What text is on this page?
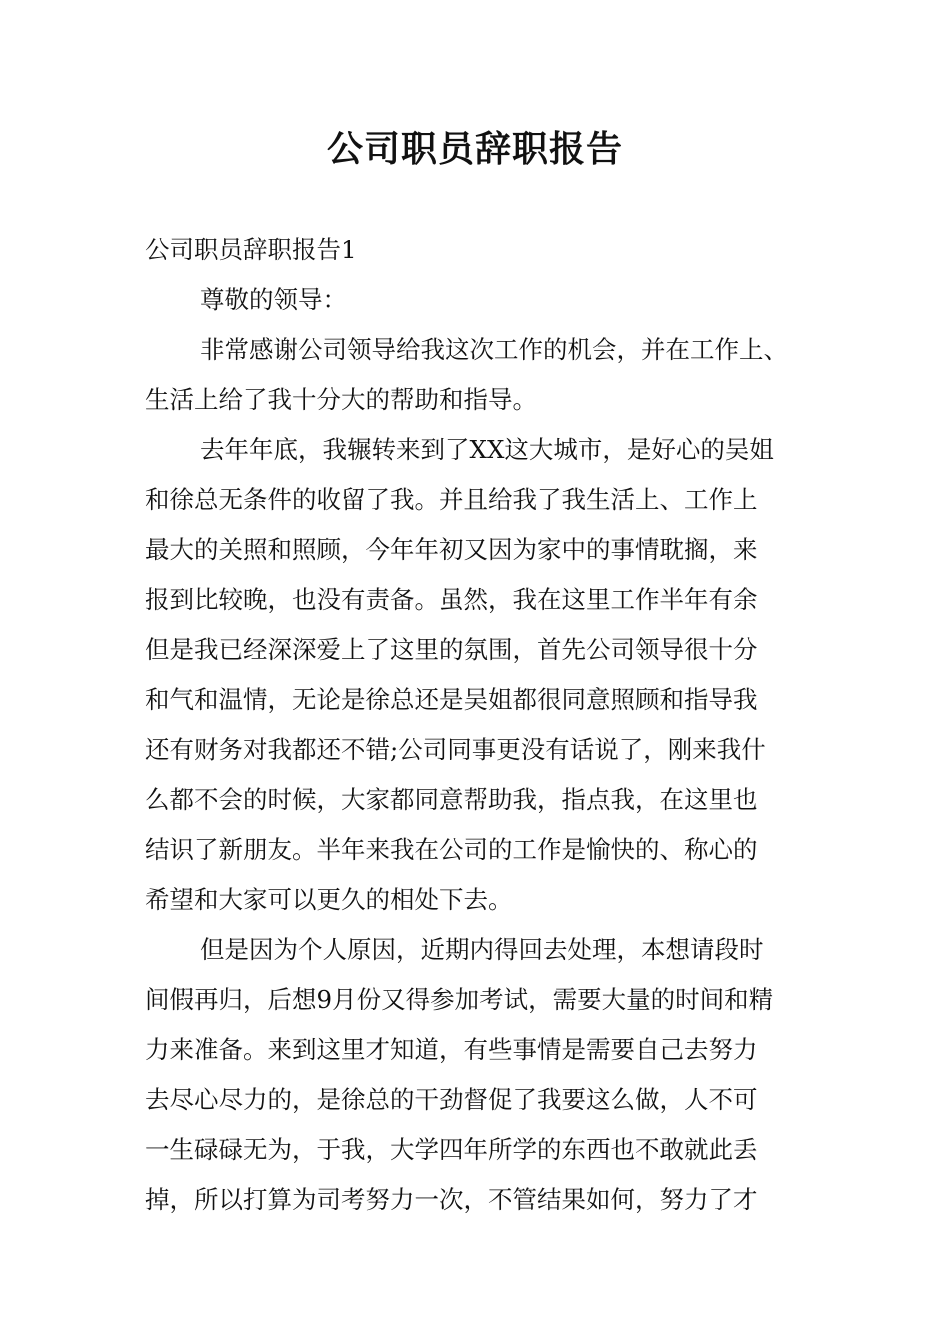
公司职员辞职报告

公司职员辞职报告1

尊敬的领导：

非常感谢公司领导给我这次工作的机会，并在工作上、

生活上给了我十分大的帮助和指导。

去年年底，我辗转来到了XX这大城市，是好心的吴姐

和徐总无条件的收留了我。并且给我了我生活上、工作上

最大的关照和照顾，今年年初又因为家中的事情耽搁，来

报到比较晚，也没有责备。虽然，我在这里工作半年有余

但是我已经深深爱上了这里的氛围，首先公司领导很十分

和气和温情，无论是徐总还是吴姐都很同意照顾和指导我

还有财务对我都还不错;公司同事更没有话说了，刚来我什

么都不会的时候，大家都同意帮助我，指点我，在这里也

结识了新朋友。半年来我在公司的工作是愉快的、称心的

希望和大家可以更久的相处下去。

但是因为个人原因，近期内得回去处理，本想请段时

间假再归，后想9月份又得参加考试，需要大量的时间和精

力来准备。来到这里才知道，有些事情是需要自己去努力

去尽心尽力的，是徐总的干劲督促了我要这么做，人不可

一生碌碌无为，于我，大学四年所学的东西也不敢就此丢

掉，所以打算为司考努力一次，不管结果如何，努力了才
